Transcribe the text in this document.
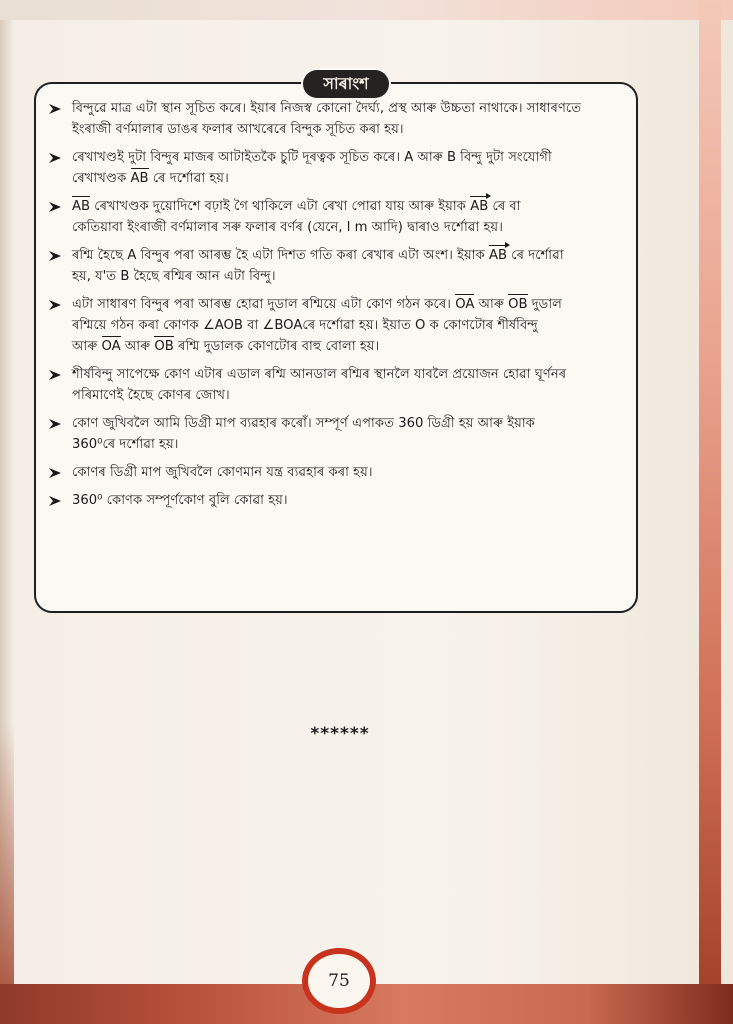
সাৰাংশ
বিন্দুৱে মাত্ৰ এটা স্থান সূচিত কৰে। ইয়াৰ নিজস্ব কোনো দৈৰ্ঘ্য, প্ৰস্থ আৰু উচ্চতা নাথাকে। সাধাৰণতে
ইংৰাজী বৰ্ণমালাৰ ডাঙৰ ফলাৰ আখৰেৰে বিন্দুক সূচিত কৰা হয়।
ৰেখাখণ্ডই দুটা বিন্দুৰ মাজৰ আটাইতকৈ চুটি দূৰত্বক সূচিত কৰে। A আৰু B বিন্দু দুটা সংযোগী
ৰেখাখণ্ডক AB ৰে দৰ্শোৱা হয়।
AB ৰেখাখণ্ডক দুয়োদিশে বঢ়াই গৈ থাকিলে এটা ৰেখা পোৱা যায় আৰু ইয়াক AB ৰে বা
কেতিয়াবা ইংৰাজী বৰ্ণমালাৰ সৰু ফলাৰ বৰ্ণৰ (যেনে, l m আদি) দ্বাৰাও দৰ্শোৱা হয়।
ৰশ্মি হৈছে A বিন্দুৰ পৰা আৰম্ভ হৈ এটা দিশত গতি কৰা ৰেখাৰ এটা অংশ। ইয়াক AB ৰে দৰ্শোৱা
হয়, য'ত B হৈছে ৰশ্মিৰ আন এটা বিন্দু।
এটা সাধাৰণ বিন্দুৰ পৰা আৰম্ভ হোৱা দুডাল ৰশ্মিয়ে এটা কোণ গঠন কৰে। OA আৰু OB দুডাল
ৰশ্মিয়ে গঠন কৰা কোণক ∠AOB বা ∠BOAৰে দৰ্শোৱা হয়। ইয়াত O ক কোণটোৰ শীৰ্ষবিন্দু
আৰু OA আৰু OB ৰশ্মি দুডালক কোণটোৰ বাহু বোলা হয়।
শীৰ্ষবিন্দু সাপেক্ষে কোণ এটাৰ এডাল ৰশ্মি আনডাল ৰশ্মিৰ স্থানলৈ যাবলৈ প্ৰয়োজন হোৱা ঘূৰ্ণনৰ
পৰিমাণেই হৈছে কোণৰ জোখ।
কোণ জুখিবলৈ আমি ডিগ্ৰী মাপ ব্যৱহাৰ কৰোঁ। সম্পূৰ্ণ এপাকত 360 ডিগ্ৰী হয় আৰু ইয়াক
360⁰ৰে দৰ্শোৱা হয়।
কোণৰ ডিগ্ৰী মাপ জুখিবলৈ কোণমান যন্ত্ৰ ব্যৱহাৰ কৰা হয়।
360⁰ কোণক সম্পূৰ্ণকোণ বুলি কোৱা হয়।
******
75
